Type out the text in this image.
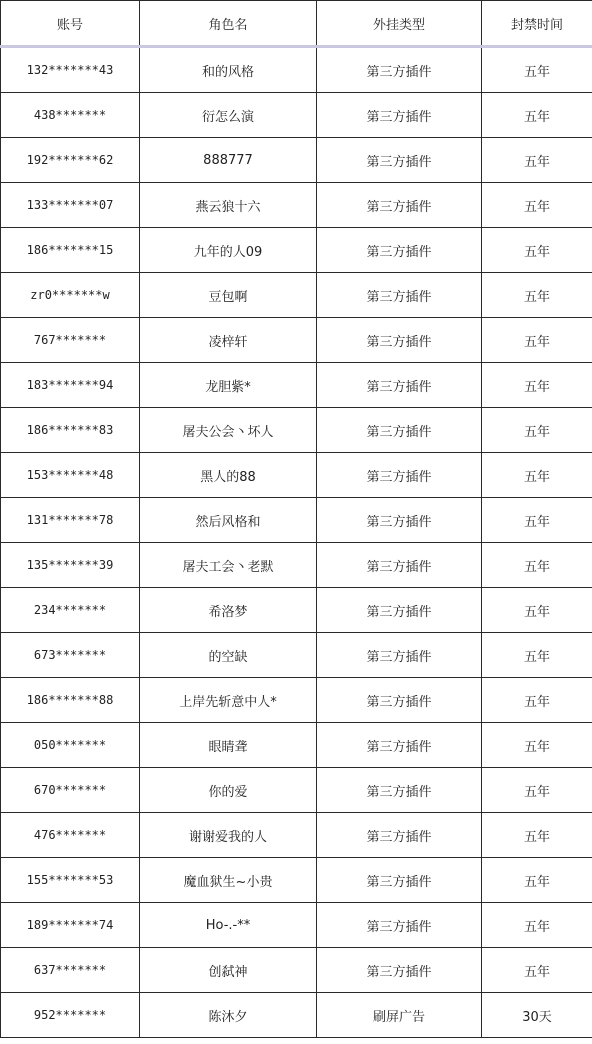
账号	角色名	外挂类型	封禁时间
132*******43	和的风格	第三方插件	五年
438*******	衍怎么演	第三方插件	五年
192*******62	888777	第三方插件	五年
133*******07	燕云狼十六	第三方插件	五年
186*******15	九年的人09	第三方插件	五年
zr0*******w	豆包啊	第三方插件	五年
767*******	凌梓轩	第三方插件	五年
183*******94	龙胆紫*	第三方插件	五年
186*******83	屠夫公会丶坏人	第三方插件	五年
153*******48	黑人的88	第三方插件	五年
131*******78	然后风格和	第三方插件	五年
135*******39	屠夫工会丶老默	第三方插件	五年
234*******	希洛梦	第三方插件	五年
673*******	的空缺	第三方插件	五年
186*******88	上岸先斩意中人*	第三方插件	五年
050*******	眼睛聋	第三方插件	五年
670*******	你的爱	第三方插件	五年
476*******	谢谢爱我的人	第三方插件	五年
155*******53	魔血狱生~小贵	第三方插件	五年
189*******74	Ho-.-**	第三方插件	五年
637*******	创弑神	第三方插件	五年
952*******	陈沐夕	刷屏广告	30天
